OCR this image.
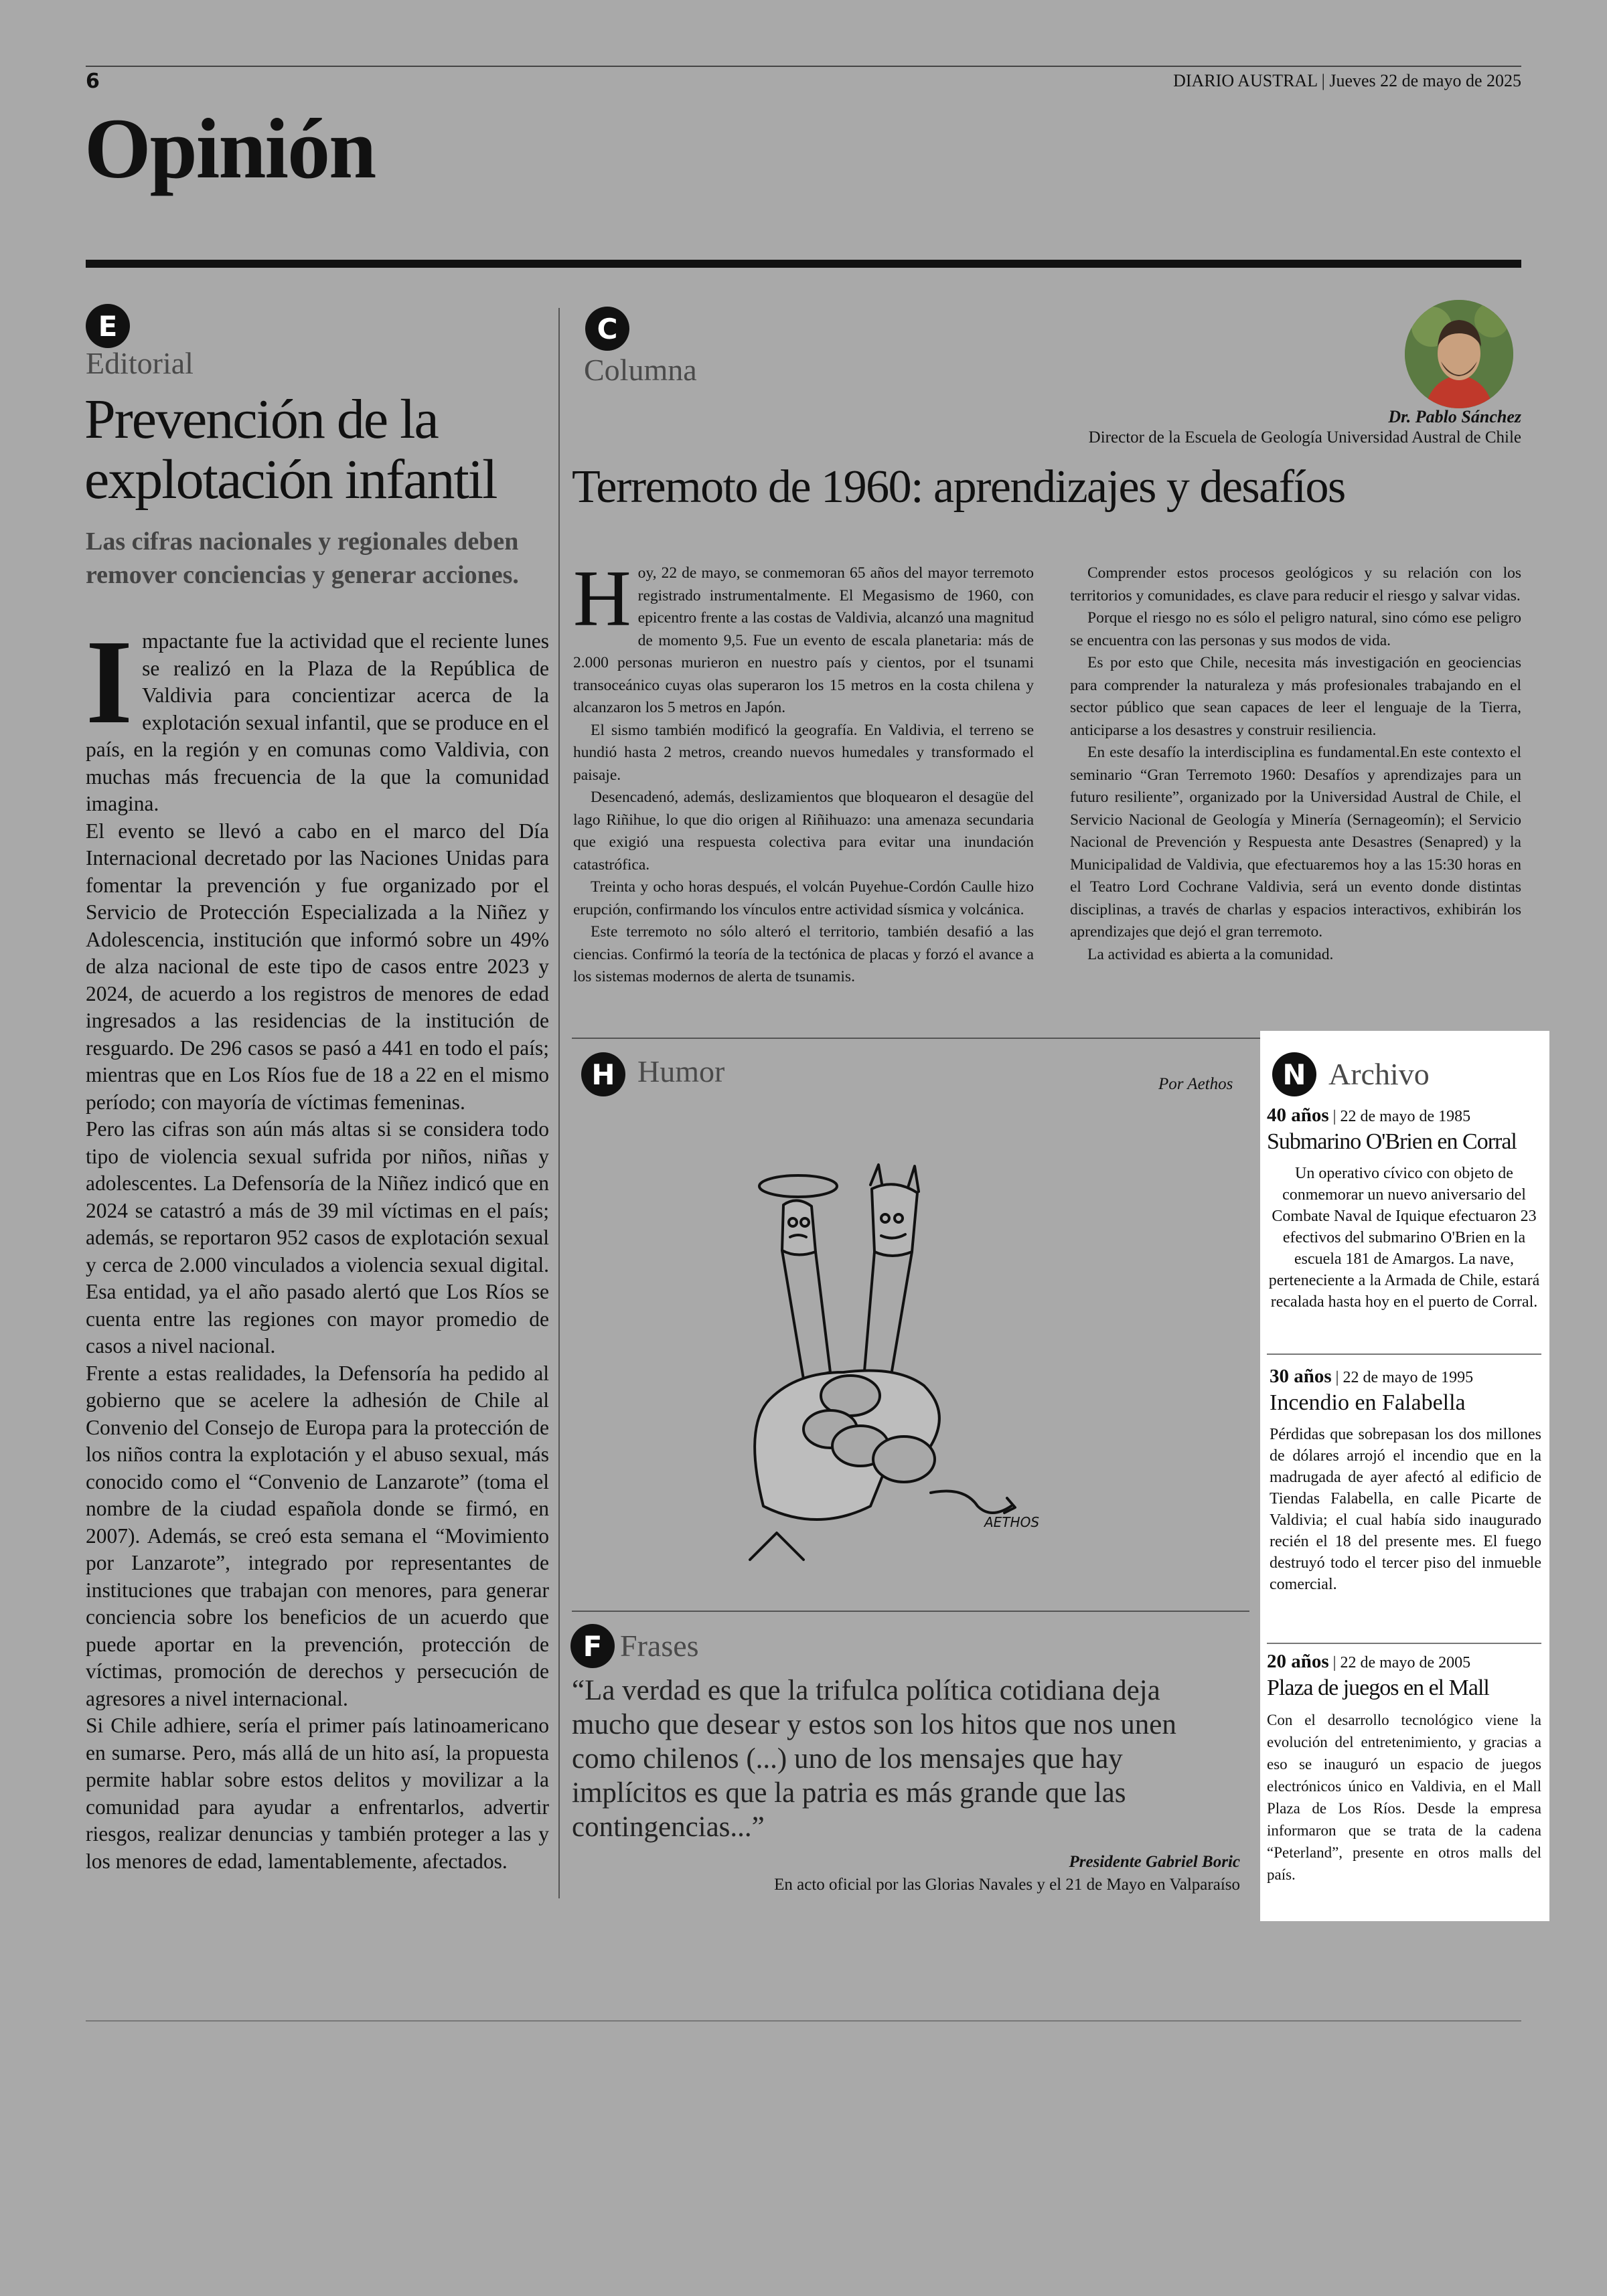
6	DIARIO AUSTRAL | Jueves 22 de mayo de 2025
Opinión
E
Editorial
Prevención de la explotación infantil
Las cifras nacionales y regionales deben remover conciencias y generar acciones.
I mpactante fue la actividad que el reciente lunes se realizó en la Plaza de la República de Valdivia para concientizar acerca de la explotación sexual infantil, que se produce en el país, en la región y en comunas como Valdivia, con muchas más frecuencia de la que la comunidad imagina.

El evento se llevó a cabo en el marco del Día Internacional decretado por las Naciones Unidas para fomentar la prevención y fue organizado por el Servicio de Protección Especializada a la Niñez y Adolescencia, institución que informó sobre un 49% de alza nacional de este tipo de casos entre 2023 y 2024, de acuerdo a los registros de menores de edad ingresados a las residencias de la institución de resguardo. De 296 casos se pasó a 441 en todo el país; mientras que en Los Ríos fue de 18 a 22 en el mismo período; con mayoría de víctimas femeninas.

Pero las cifras son aún más altas si se considera todo tipo de violencia sexual sufrida por niños, niñas y adolescentes. La Defensoría de la Niñez indicó que en 2024 se catastró a más de 39 mil víctimas en el país; además, se reportaron 952 casos de explotación sexual y cerca de 2.000 vinculados a violencia sexual digital. Esa entidad, ya el año pasado alertó que Los Ríos se cuenta entre las regiones con mayor promedio de casos a nivel nacional.

Frente a estas realidades, la Defensoría ha pedido al gobierno que se acelere la adhesión de Chile al Convenio del Consejo de Europa para la protección de los niños contra la explotación y el abuso sexual, más conocido como el “Convenio de Lanzarote” (toma el nombre de la ciudad española donde se firmó, en 2007). Además, se creó esta semana el “Movimiento por Lanzarote”, integrado por representantes de instituciones que trabajan con menores, para generar conciencia sobre los beneficios de un acuerdo que puede aportar en la prevención, protección de víctimas, promoción de derechos y persecución de agresores a nivel internacional.

Si Chile adhiere, sería el primer país latinoamericano en sumarse. Pero, más allá de un hito así, la propuesta permite hablar sobre estos delitos y movilizar a la comunidad para ayudar a enfrentarlos, advertir riesgos, realizar denuncias y también proteger a las y los menores de edad, lamentablemente, afectados.

C
Columna
Dr. Pablo Sánchez
Director de la Escuela de Geología Universidad Austral de Chile
Terremoto de 1960: aprendizajes y desafíos
H oy, 22 de mayo, se conmemoran 65 años del mayor terremoto registrado instrumentalmente. El Megasismo de 1960, con epicentro frente a las costas de Valdivia, alcanzó una magnitud de momento 9,5. Fue un evento de escala planetaria: más de 2.000 personas murieron en nuestro país y cientos, por el tsunami transoceánico cuyas olas superaron los 15 metros en la costa chilena y alcanzaron los 5 metros en Japón.

El sismo también modificó la geografía. En Valdivia, el terreno se hundió hasta 2 metros, creando nuevos humedales y transformado el paisaje.

Desencadenó, además, deslizamientos que bloquearon el desagüe del lago Riñihue, lo que dio origen al Riñihuazo: una amenaza secundaria que exigió una respuesta colectiva para evitar una inundación catastrófica.

Treinta y ocho horas después, el volcán Puyehue-Cordón Caulle hizo erupción, confirmando los vínculos entre actividad sísmica y volcánica.

Este terremoto no sólo alteró el territorio, también desafió a las ciencias. Confirmó la teoría de la tectónica de placas y forzó el avance a los sistemas modernos de alerta de tsunamis.

Comprender estos procesos geológicos y su relación con los territorios y comunidades, es clave para reducir el riesgo y salvar vidas.

Porque el riesgo no es sólo el peligro natural, sino cómo ese peligro se encuentra con las personas y sus modos de vida.

Es por esto que Chile, necesita más investigación en geociencias para comprender la naturaleza y más profesionales trabajando en el sector público que sean capaces de leer el lenguaje de la Tierra, anticiparse a los desastres y construir resiliencia.

En este desafío la interdisciplina es fundamental.En este contexto el seminario “Gran Terremoto 1960: Desafíos y aprendizajes para un futuro resiliente”, organizado por la Universidad Austral de Chile, el Servicio Nacional de Geología y Minería (Sernageomín); el Servicio Nacional de Prevención y Respuesta ante Desastres (Senapred) y la Municipalidad de Valdivia, que efectuaremos hoy a las 15:30 horas en el Teatro Lord Cochrane Valdivia, será un evento donde distintas disciplinas, a través de charlas y espacios interactivos, exhibirán los aprendizajes que dejó el gran terremoto.

La actividad es abierta a la comunidad.

H Humor	Por Aethos
AETHOS
F Frases
“La verdad es que la trifulca política cotidiana deja mucho que desear y estos son los hitos que nos unen como chilenos (...) uno de los mensajes que hay implícitos es que la patria es más grande que las contingencias...”
Presidente Gabriel Boric
En acto oficial por las Glorias Navales y el 21 de Mayo en Valparaíso
N Archivo
40 años | 22 de mayo de 1985
Submarino O'Brien en Corral

Un operativo cívico con objeto de conmemorar un nuevo aniversario del Combate Naval de Iquique efectuaron 23 efectivos del submarino O'Brien en la escuela 181 de Amargos. La nave, perteneciente a la Armada de Chile, estará recalada hasta hoy en el puerto de Corral.

30 años | 22 de mayo de 1995
Incendio en Falabella

Pérdidas que sobrepasan los dos millones de dólares arrojó el incendio que en la madrugada de ayer afectó al edificio de Tiendas Falabella, en calle Picarte de Valdivia; el cual había sido inaugurado recién el 18 del presente mes. El fuego destruyó todo el tercer piso del inmueble comercial.

20 años | 22 de mayo de 2005
Plaza de juegos en el Mall

Con el desarrollo tecnológico viene la evolución del entretenimiento, y gracias a eso se inauguró un espacio de juegos electrónicos único en Valdivia, en el Mall Plaza de Los Ríos. Desde la empresa informaron que se trata de la cadena “Peterland”, presente en otros malls del país.
